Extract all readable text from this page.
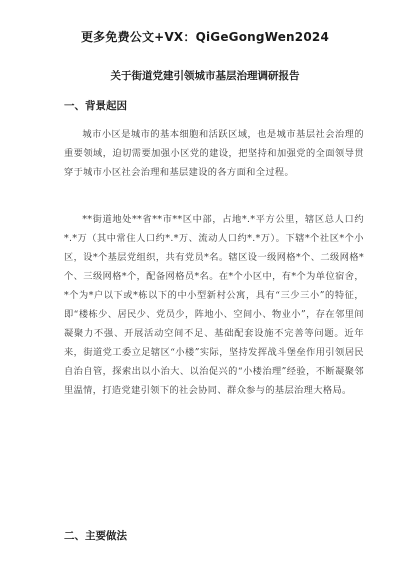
更多免费公文+VX：QiGeGongWen2024
关于街道党建引领城市基层治理调研报告
一、背景起因

城市小区是城市的基本细胞和活跃区域，也是城市基层社会治理的重要领域，迫切需要加强小区党的建设，把坚持和加强党的全面领导贯穿于城市小区社会治理和基层建设的各方面和全过程。

**街道地处**省**市**区中部，占地*.*平方公里，辖区总人口约*.*万（其中常住人口约*.*万、流动人口约*.*万）。下辖*个社区*个小区，设*个基层党组织，共有党员*名。辖区设一级网格*个、二级网格*个、三级网格*个，配备网格员*名。在*个小区中，有*个为单位宿舍，*个为*户以下或*栋以下的中小型新村公寓，具有“三少三小”的特征，即“楼栋少、居民少、党员少，阵地小、空间小、物业小”，存在邻里间凝聚力不强、开展活动空间不足、基础配套设施不完善等问题。近年来，街道党工委立足辖区“小楼”实际，坚持发挥战斗堡垒作用引领居民自治自管，探索出以小治大、以治促兴的“小楼治理”经验，不断凝聚邻里温情，打造党建引领下的社会协同、群众参与的基层治理大格局。

二、主要做法
